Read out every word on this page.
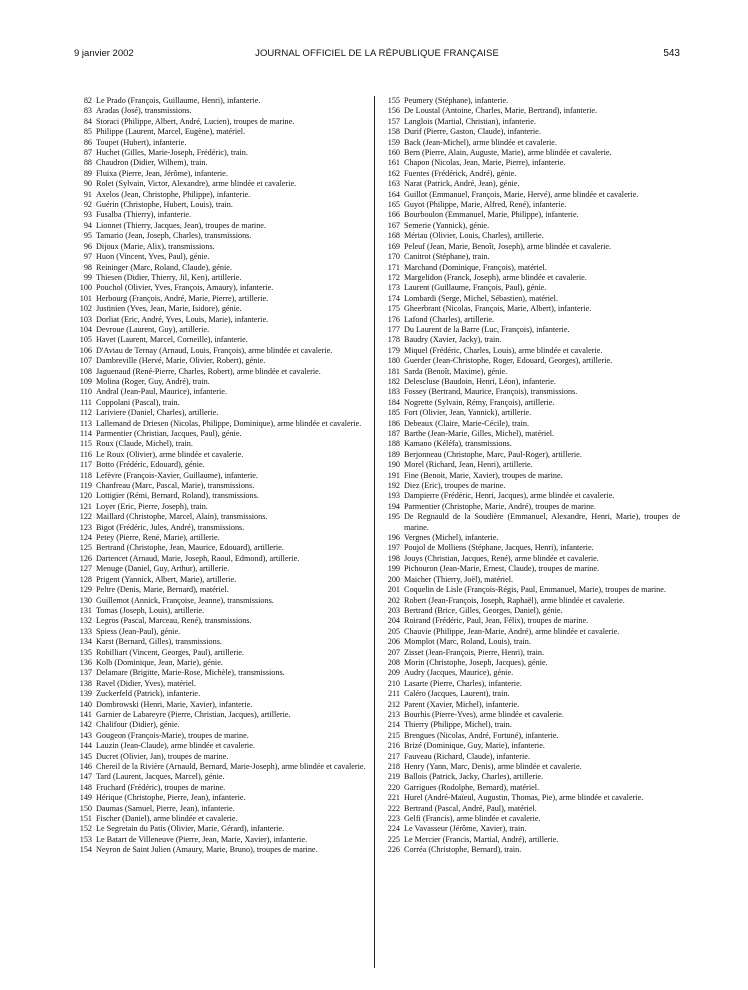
9 janvier 2002	JOURNAL OFFICIEL DE LA RÉPUBLIQUE FRANÇAISE	543
82 Le Prado (François, Guillaume, Henri), infanterie.
83 Aradas (José), transmissions.
84 Storaci (Philippe, Albert, André, Lucien), troupes de marine.
85 Philippe (Laurent, Marcel, Eugène), matériel.
86 Toupet (Hubert), infanterie.
87 Huchet (Gilles, Marie-Joseph, Frédéric), train.
88 Chaudron (Didier, Wilhem), train.
89 Fluixa (Pierre, Jean, Jérôme), infanterie.
90 Rolet (Sylvain, Victor, Alexandre), arme blindée et cavalerie.
91 Axelos (Jean, Christophe, Philippe), infanterie.
92 Guérin (Christophe, Hubert, Louis), train.
93 Fusalba (Thierry), infanterie.
94 Lionnet (Thierry, Jacques, Jean), troupes de marine.
95 Tamario (Jean, Joseph, Charles), transmissions.
96 Dijoux (Marie, Alix), transmissions.
97 Huon (Vincent, Yves, Paul), génie.
98 Reininger (Marc, Roland, Claude), génie.
99 Thiesen (Didier, Thierry, Jil, Ken), artillerie.
100 Pouchol (Olivier, Yves, François, Amaury), infanterie.
101 Herbourg (François, André, Marie, Pierre), artillerie.
102 Justinien (Yves, Jean, Marie, Isidore), génie.
103 Dorliat (Eric, André, Yves, Louis, Marie), infanterie.
104 Devroue (Laurent, Guy), artillerie.
105 Havet (Laurent, Marcel, Corneille), infanterie.
106 D'Aviau de Ternay (Arnaud, Louis, François), arme blindée et cavalerie.
107 Dambreville (Hervé, Marie, Olivier, Robert), génie.
108 Jaguenaud (René-Pierre, Charles, Robert), arme blindée et cavalerie.
109 Molina (Roger, Guy, André), train.
110 Andral (Jean-Paul, Maurice), infanterie.
111 Coppolani (Pascal), train.
112 Lariviere (Daniel, Charles), artillerie.
113 Lallemand de Driesen (Nicolas, Philippe, Dominique), arme blindée et cavalerie.
114 Parmentier (Christian, Jacques, Paul), génie.
115 Roux (Claude, Michel), train.
116 Le Roux (Olivier), arme blindée et cavalerie.
117 Botto (Frédéric, Edouard), génie.
118 Lefèvre (François-Xavier, Guillaume), infanterie.
119 Chanfreau (Marc, Pascal, Marie), transmissions.
120 Lottigier (Rémi, Bernard, Roland), transmissions.
121 Loyer (Eric, Pierre, Joseph), train.
122 Maillard (Christophe, Marcel, Alain), transmissions.
123 Bigot (Frédéric, Jules, André), transmissions.
124 Petey (Pierre, René, Marie), artillerie.
125 Bertrand (Christophe, Jean, Maurice, Edouard), artillerie.
126 Dartencet (Arnaud, Marie, Joseph, Raoul, Edmond), artillerie.
127 Menuge (Daniel, Guy, Arthur), artillerie.
128 Prigent (Yannick, Albert, Marie), artillerie.
129 Peltre (Denis, Marie, Bernard), matériel.
130 Guillemot (Annick, Françoise, Jeanne), transmissions.
131 Tomas (Joseph, Louis), artillerie.
132 Legros (Pascal, Marceau, René), transmissions.
133 Spiess (Jean-Paul), génie.
134 Karst (Bernard, Gilles), transmissions.
135 Robilliart (Vincent, Georges, Paul), artillerie.
136 Kolb (Dominique, Jean, Marie), génie.
137 Delamare (Brigitte, Marie-Rose, Michèle), transmissions.
138 Ravel (Didier, Yves), matériel.
139 Zuckerfeld (Patrick), infanterie.
140 Dombrowski (Henri, Marie, Xavier), infanterie.
141 Garnier de Labareyre (Pierre, Christian, Jacques), artillerie.
142 Chalifour (Didier), génie.
143 Gougeon (François-Marie), troupes de marine.
144 Lauzin (Jean-Claude), arme blindée et cavalerie.
145 Ducret (Olivier, Jan), troupes de marine.
146 Chereil de la Rivière (Arnauld, Bernard, Marie-Joseph), arme blindée et cavalerie.
147 Tard (Laurent, Jacques, Marcel), génie.
148 Fruchard (Frédéric), troupes de marine.
149 Hérique (Christophe, Pierre, Jean), infanterie.
150 Daumas (Samuel, Pierre, Jean), infanterie.
151 Fischer (Daniel), arme blindée et cavalerie.
152 Le Segretain du Patis (Olivier, Marie, Gérard), infanterie.
153 Le Batart de Villeneuve (Pierre, Jean, Marie, Xavier), infanterie.
154 Neyron de Saint Julien (Amaury, Marie, Bruno), troupes de marine.
155 Peumery (Stéphane), infanterie.
156 De Loustal (Antoine, Charles, Marie, Bertrand), infanterie.
157 Langlois (Martial, Christian), infanterie.
158 Durif (Pierre, Gaston, Claude), infanterie.
159 Back (Jean-Michel), arme blindée et cavalerie.
160 Bern (Pierre, Alain, Auguste, Marie), arme blindée et cavalerie.
161 Chapon (Nicolas, Jean, Marie, Pierre), infanterie.
162 Fuentes (Frédérick, André), génie.
163 Narat (Patrick, André, Jean), génie.
164 Guillot (Emmanuel, François, Marie, Hervé), arme blindée et cavalerie.
165 Guyot (Philippe, Marie, Alfred, René), infanterie.
166 Bourboulon (Emmanuel, Marie, Philippe), infanterie.
167 Semerie (Yannick), génie.
168 Mériau (Olivier, Louis, Charles), artillerie.
169 Peleuf (Jean, Marie, Benoît, Joseph), arme blindée et cavalerie.
170 Canitrot (Stéphane), train.
171 Marchand (Dominique, François), matériel.
172 Margelidon (Franck, Joseph), arme blindée et cavalerie.
173 Laurent (Guillaume, François, Paul), génie.
174 Lombardi (Serge, Michel, Sébastien), matériel.
175 Gheerbrant (Nicolas, François, Marie, Albert), infanterie.
176 Lafond (Charles), artillerie.
177 Du Laurent de la Barre (Luc, François), infanterie.
178 Baudry (Xavier, Jacky), train.
179 Miquel (Frédéric, Charles, Louis), arme blindée et cavalerie.
180 Guerder (Jean-Christophe, Roger, Edouard, Georges), artillerie.
181 Sarda (Benoît, Maxime), génie.
182 Delescluse (Baudoin, Henri, Léon), infanterie.
183 Fossey (Bertrand, Maurice, François), transmissions.
184 Nogrette (Sylvain, Rémy, François), artillerie.
185 Fort (Olivier, Jean, Yannick), artillerie.
186 Debeaux (Claire, Marie-Cécile), train.
187 Barthe (Jean-Marie, Gilles, Michel), matériel.
188 Kamano (Kéléfa), transmissions.
189 Berjonneau (Christophe, Marc, Paul-Roger), artillerie.
190 Morel (Richard, Jean, Henri), artillerie.
191 Fine (Benoit, Marie, Xavier), troupes de marine.
192 Diez (Eric), troupes de marine.
193 Dampierre (Frédéric, Henri, Jacques), arme blindée et cavalerie.
194 Parmentier (Christophe, Marie, André), troupes de marine.
195 De Regnauld de la Soudière (Emmanuel, Alexandre, Henri, Marie), troupes de marine.
196 Vergnes (Michel), infanterie.
197 Poujol de Molliens (Stéphane, Jacques, Henri), infanterie.
198 Jouys (Christian, Jacques, René), arme blindée et cavalerie.
199 Pichouron (Jean-Marie, Ernest, Claude), troupes de marine.
200 Maicher (Thierry, Joël), matériel.
201 Coquelin de Lisle (François-Régis, Paul, Emmanuel, Marie), troupes de marine.
202 Robert (Jean-François, Joseph, Raphaël), arme blindée et cavalerie.
203 Bertrand (Brice, Gilles, Georges, Daniel), génie.
204 Roirand (Frédéric, Paul, Jean, Félix), troupes de marine.
205 Chauvie (Philippe, Jean-Marie, André), arme blindée et cavalerie.
206 Momplot (Marc, Roland, Louis), train.
207 Zisset (Jean-François, Pierre, Henri), train.
208 Morin (Christophe, Joseph, Jacques), génie.
209 Audry (Jacques, Maurice), génie.
210 Lasarte (Pierre, Charles), infanterie.
211 Caléro (Jacques, Laurent), train.
212 Parent (Xavier, Michel), infanterie.
213 Bourhis (Pierre-Yves), arme blindée et cavalerie.
214 Thierry (Philippe, Michel), train.
215 Brengues (Nicolas, André, Fortuné), infanterie.
216 Brizé (Dominique, Guy, Marie), infanterie.
217 Fauveau (Richard, Claude), infanterie.
218 Henry (Yann, Marc, Denis), arme blindée et cavalerie.
219 Ballois (Patrick, Jacky, Charles), artillerie.
220 Garrigues (Rodolphe, Bernard), matériel.
221 Hurel (André-Maïeul, Augustin, Thomas, Pie), arme blindée et cavalerie.
222 Bertrand (Pascal, André, Paul), matériel.
223 Gelfi (Francis), arme blindée et cavalerie.
224 Le Vavasseur (Jérôme, Xavier), train.
225 Le Mercier (Francis, Martial, André), artillerie.
226 Corréa (Christophe, Bernard), train.
